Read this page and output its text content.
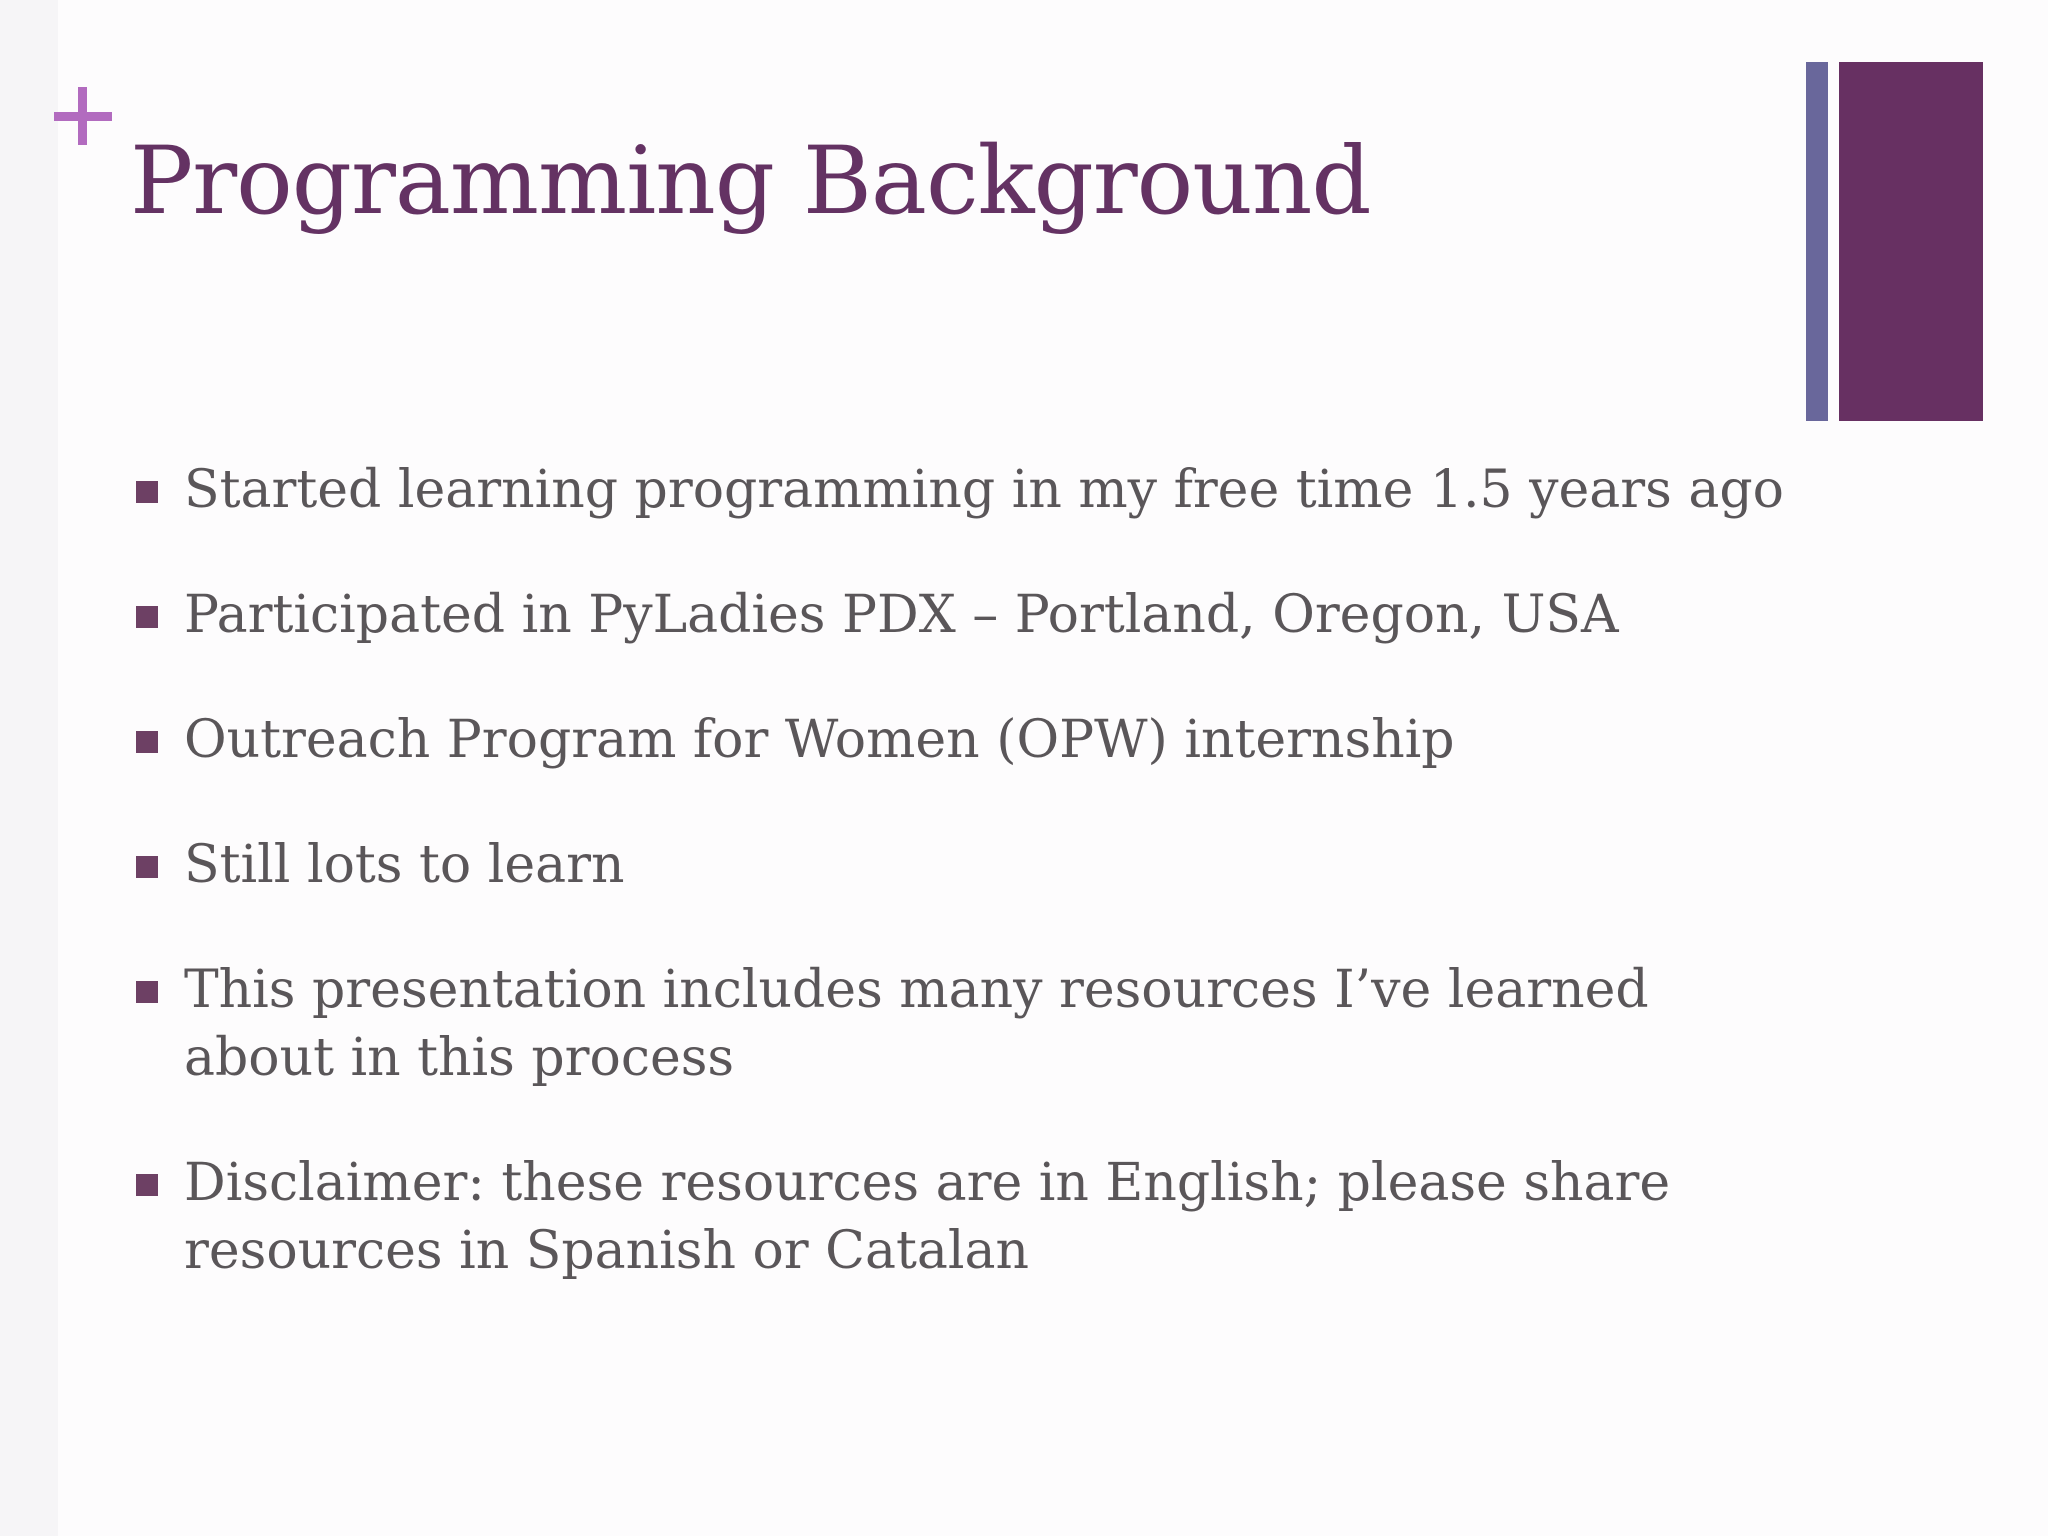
Programming Background
Started learning programming in my free time 1.5 years ago
Participated in PyLadies PDX – Portland, Oregon, USA
Outreach Program for Women (OPW) internship
Still lots to learn
This presentation includes many resources I’ve learned about in this process
Disclaimer: these resources are in English; please share resources in Spanish or Catalan
